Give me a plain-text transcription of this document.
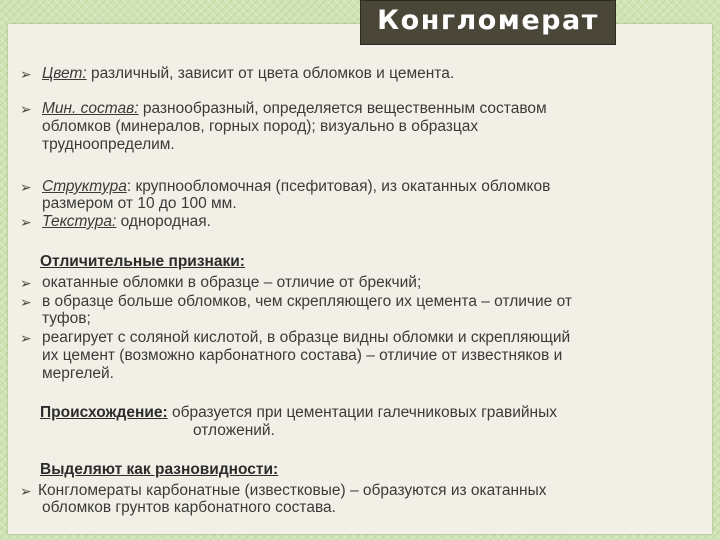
Конгломерат
➢ Цвет: различный, зависит от цвета обломков и цемента.
➢ Мин. состав: разнообразный, определяется вещественным составом
обломков (минералов, горных пород); визуально в образцах
трудноопределим.
➢ Структура: крупнообломочная (псефитовая), из окатанных обломков
размером от 10 до 100 мм.
➢ Текстура: однородная.
Отличительные признаки:
➢ окатанные обломки в образце – отличие от брекчий;
➢ в образце больше обломков, чем скрепляющего их цемента – отличие от
туфов;
➢ реагирует с соляной кислотой, в образце видны обломки и скрепляющий
их цемент (возможно карбонатного состава) – отличие от известняков и
мергелей.
Происхождение: образуется при цементации галечниковых гравийных
отложений.
Выделяют как разновидности:
➢ Конгломераты карбонатные (известковые) – образуются из окатанных
обломков грунтов карбонатного состава.
